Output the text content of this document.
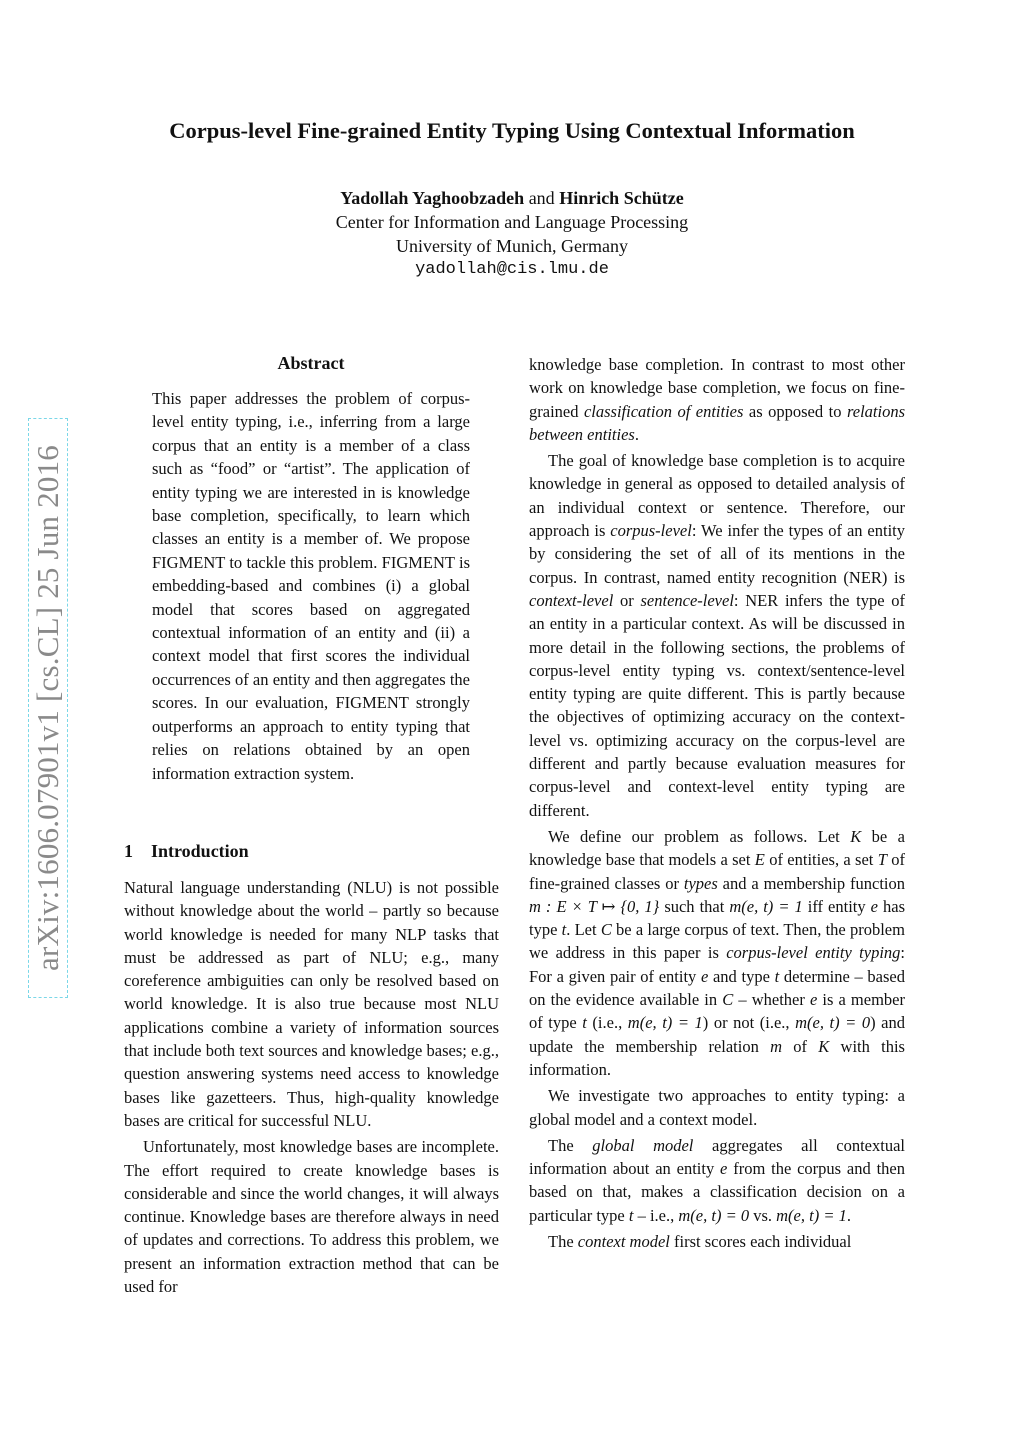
arXiv:1606.07901v1 [cs.CL] 25 Jun 2016
Corpus-level Fine-grained Entity Typing Using Contextual Information
Yadollah Yaghoobzadeh and Hinrich Schütze
Center for Information and Language Processing
University of Munich, Germany
yadollah@cis.lmu.de
Abstract

This paper addresses the problem of corpus-level entity typing, i.e., inferring from a large corpus that an entity is a member of a class such as “food” or “artist”. The application of entity typing we are interested in is knowledge base completion, specifically, to learn which classes an entity is a member of. We propose FIGMENT to tackle this problem. FIGMENT is embedding-based and combines (i) a global model that scores based on aggregated contextual information of an entity and (ii) a context model that first scores the individual occurrences of an entity and then aggregates the scores. In our evaluation, FIGMENT strongly outperforms an approach to entity typing that relies on relations obtained by an open information extraction system.

1 Introduction

Natural language understanding (NLU) is not possible without knowledge about the world – partly so because world knowledge is needed for many NLP tasks that must be addressed as part of NLU; e.g., many coreference ambiguities can only be resolved based on world knowledge. It is also true because most NLU applications combine a variety of information sources that include both text sources and knowledge bases; e.g., question answering systems need access to knowledge bases like gazetteers. Thus, high-quality knowledge bases are critical for successful NLU.

Unfortunately, most knowledge bases are incomplete. The effort required to create knowledge bases is considerable and since the world changes, it will always continue. Knowledge bases are therefore always in need of updates and corrections. To address this problem, we present an information extraction method that can be used for

knowledge base completion. In contrast to most other work on knowledge base completion, we focus on fine-grained classification of entities as opposed to relations between entities.

The goal of knowledge base completion is to acquire knowledge in general as opposed to detailed analysis of an individual context or sentence. Therefore, our approach is corpus-level: We infer the types of an entity by considering the set of all of its mentions in the corpus. In contrast, named entity recognition (NER) is context-level or sentence-level: NER infers the type of an entity in a particular context. As will be discussed in more detail in the following sections, the problems of corpus-level entity typing vs. context/sentence-level entity typing are quite different. This is partly because the objectives of optimizing accuracy on the context-level vs. optimizing accuracy on the corpus-level are different and partly because evaluation measures for corpus-level and context-level entity typing are different.

We define our problem as follows. Let K be a knowledge base that models a set E of entities, a set T of fine-grained classes or types and a membership function m : E × T ↦ {0, 1} such that m(e, t) = 1 iff entity e has type t. Let C be a large corpus of text. Then, the problem we address in this paper is corpus-level entity typing: For a given pair of entity e and type t determine – based on the evidence available in C – whether e is a member of type t (i.e., m(e, t) = 1) or not (i.e., m(e, t) = 0) and update the membership relation m of K with this information.

We investigate two approaches to entity typing: a global model and a context model.

The global model aggregates all contextual information about an entity e from the corpus and then based on that, makes a classification decision on a particular type t – i.e., m(e, t) = 0 vs. m(e, t) = 1.

The context model first scores each individual
